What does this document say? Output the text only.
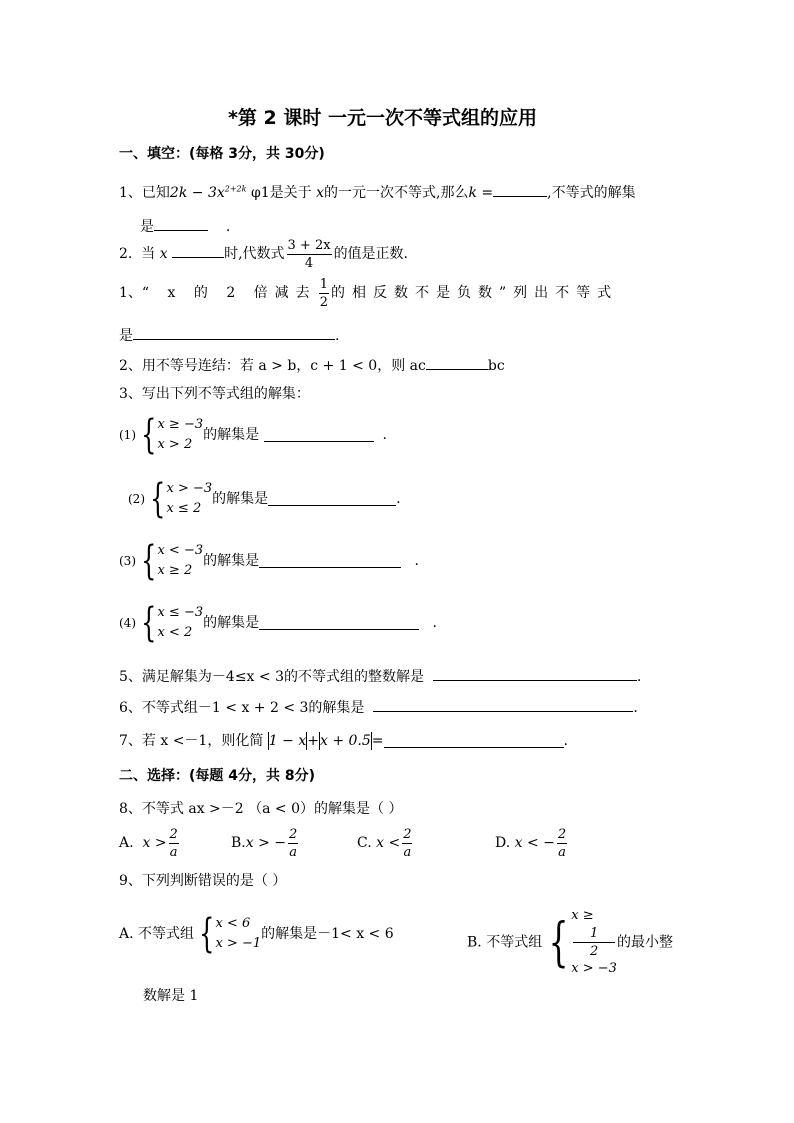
*第 2 课时 一元一次不等式组的应用
一、填空：(每格 3分，共 30分)
1、已知$2k - 3x^{2+2k}$ φ1是关于 x的一元一次不等式,那么k =	,不等式的解集
是	.
2. 当 x	时,代数式 $\frac{3 + 2x}{4}$ 的值是正数.
1、“ x 的 2 倍减去 $\frac{1}{2}$ 的相反数不是负数”列出不等式
是	.
2、用不等号连结：若 a > b，c + 1 < 0，则 ac	bc
3、写出下列不等式组的解集：
(1) { x ≥ −3
x > 2
的解集是	.
(2) { x > −3
x ≤ 2
的解集是	.
(3) { x < −3
x ≥ 2
的解集是	.
(4) { x ≤ −3
x < 2
的解集是	.
5、满足解集为－4≤x < 3的不等式组的整数解是	.
6、不等式组－1 < x + 2 < 3的解集是	.
7、若 x <－1，则化简 1 − x+x + 0.5=	.
二、选择：(每题 4分，共 8分)
8、不等式 ax >－2 （a < 0）的解集是（ ）
A. $x > \frac{2}{a}$	B.x > − $\frac{2}{a}$	C. $x < \frac{2}{a}$	D. x < − $\frac{2}{a}$
9、下列判断错误的是（ ）
A. 不等式组 { x < 6
x > −1
的解集是－1< x < 6
B. 不等式组 { x ≥
1
2
x > −3
的最小整
数解是 1
